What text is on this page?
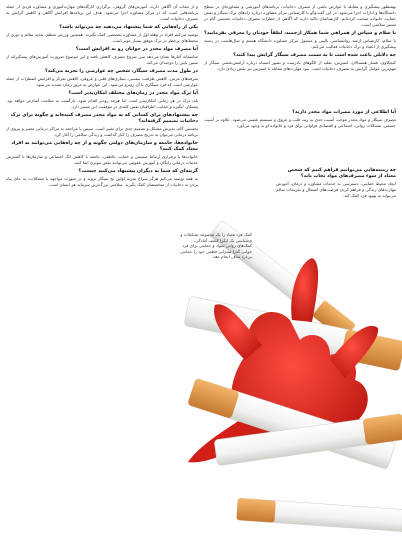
بهمنظور پیشگیری و مقابله با عوارض ناشی از مصرف دخانیات، برنامه‌های آموزشی و مشاوره‌ای در سطح دانشگاه‌ها و ادارات اجرا می‌شود. در این گفت‌وگو با کارشناس مرکز مشاوره درباره راه‌های ترک سیگار و نقش حمایت خانواده صحبت کرده‌ایم. کارشناسان تاکید دارند که آگاهی از خطرات مصرف دخانیات نخستین گام در مسیر سلامتی است.

با سلام و سپاس از همراهی شما همکار ارجمند، لطفاً خودتان را معرفی بفرمایید؟

با سلام، کارشناس ارشد روانشناسی بالینی و مسئول مرکز مشاوره دانشگاه هستم و سال‌هاست در زمینه پیشگیری از اعتیاد و ترک دخانیات فعالیت می‌کنم.

چه دلایلی باعث شده است تا به سمت مصرف سیگار گرایش پیدا کنند؟

کنجکاوی، فشار همسالان، استرس، تقلید از الگوهای نادرست و تصور اشتباه درباره آرامش‌بخشی سیگار از مهم‌ترین عوامل گرایش به مصرف دخانیات است. نبود مهارت‌های مقابله با استرس نیز نقش زیادی دارد.

آیا اطلاعی از مورد مضرات مواد مخدر دارید؟

مصرف سیگار و مواد مخدر موجب آسیب جدی به ریه، قلب و عروق و سیستم عصبی می‌شود. علاوه بر آسیب جسمی، مشکلات روانی، اجتماعی و اقتصادی فراوانی برای فرد و خانواده او به وجود می‌آورد.

چه زمینه‌هایی می‌توانیم فراهم کنیم که شخص معتاد از سوء مصرف‌های مواد نجات یابد؟

ایجاد محیط حمایتی، دسترسی به خدمات مشاوره و درمان، آموزش مهارت‌های زندگی و فراهم کردن فرصت‌های اشتغال و تفریحات سالم می‌تواند به بهبود فرد کمک کند.

کمک فرد معتاد را یک مجموعه تشکیلات و ی‌شناسی یک ایگرا کشف آمادگی، کمک‌های روانی سواد و حمایتی برای فرد جوانی گذرا مجزایی قطعی خود را حمایتی بی‌درد صاف انجام دهد.

و از تبعات آن آگاهی دارند. آموزش‌های گروهی، برگزاری کارگاه‌های مهارت‌آموزی و مشاوره فردی از جمله برنامه‌هایی است که در مرکز مشاوره اجرا می‌شود. هدف این برنامه‌ها افزایش آگاهی و کاهش گرایش به مصرف دخانیات است.

یکی از راه‌هایی که شما پیشنهاد می‌دهید چه می‌تواند باشد؟

توصیه می‌کنم افراد در وهله اول از مشاوره تخصصی کمک بگیرند. همچنین ورزش منظم، تغذیه سالم و دوری از محیط‌های پرخطر در ترک موفق بسیار موثر است.

آیا مصرف مواد مخدر در جوانان رو به افزایش است؟

متاسفانه آمارها نشان می‌دهد سن شروع مصرف کاهش یافته و این موضوع ضرورت آموزش‌های پیشگیرانه از سنین پایین را دوچندان می‌کند.

در طول مدت مصرف سیگار، شخص چه عوارضی را تجربه می‌کند؟

سرفه‌های مزمن، کاهش ظرفیت تنفسی، بیماری‌های قلبی و عروقی، کاهش تمرکز و افزایش اضطراب از جمله عوارضی است که فرد سیگاری با آن روبرو می‌شود. این عوارض به مرور زمان تشدید می‌شود.

آیا ترک مواد مخدر در زمان‌های مختلف امکان‌پذیر است؟

بله، ترک در هر زمانی امکان‌پذیر است اما هرچه زودتر اقدام شود، بازگشت به سلامت آسان‌تر خواهد بود. پشتکار، انگیزه و حمایت اطرافیان نقش کلیدی در موفقیت این مسیر دارد.

چه پیشنهادهای برای کسانی که به مواد مخدر مصرف کننده‌اند و چگونه برای ترک دخانیات تصمیم گرفته‌اند؟

نخستین گام، پذیرش مشکل و تصمیم جدی برای تغییر است. سپس با مراجعه به مراکز درمانی معتبر و پیروی از برنامه درمانی می‌توان به تدریج مصرف را کنار گذاشت و زندگی سالمی را آغاز کرد.

خانواده‌ها، جامعه و سازمان‌های دولتی چگونه و از چه راه‌هایی می‌توانند به افراد معتاد کمک کنند؟

خانواده‌ها با برقراری ارتباط صمیمی و حمایت عاطفی، جامعه با کاهش انگ اجتماعی و سازمان‌ها با گسترش خدمات درمانی رایگان و آموزش عمومی می‌توانند نقش موثری ایفا کنند.

گزینه‌ای که شما به دیگران پیشنهاد می‌کنید چیست؟

به همه توصیه می‌کنم هرگز سراغ تجربه اولین نخ سیگار نروند و در صورت مواجهه با مشکلات، به جای پناه بردن به دخانیات از متخصصان کمک بگیرند. سلامتی بزرگ‌ترین سرمایه هر انسان است.
